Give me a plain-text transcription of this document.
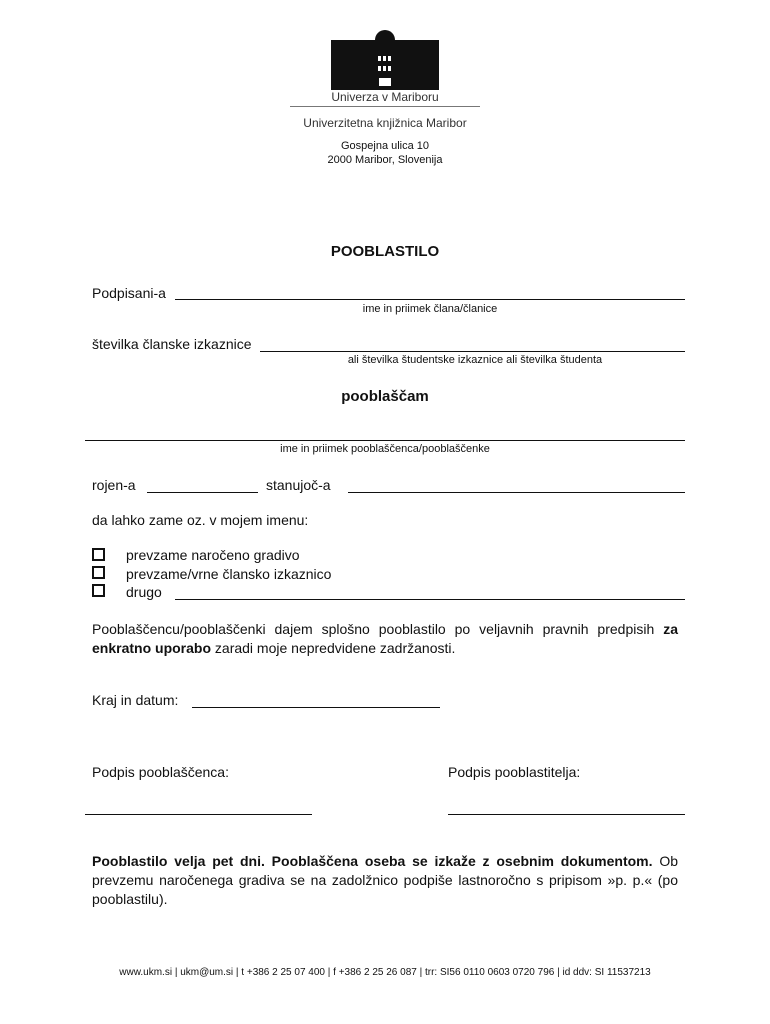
Univerza v Mariboru
Univerzitetna knjižnica Maribor
Gospejna ulica 10
2000 Maribor, Slovenija
POOBLASTILO
Podpisani-a
ime in priimek člana/članice
številka članske izkaznice
ali številka študentske izkaznice ali številka študenta
pooblaščam
ime in priimek pooblaščenca/pooblaščenke
rojen-a	stanujoč-a
da lahko zame oz. v mojem imenu:
prevzame naročeno gradivo
prevzame/vrne člansko izkaznico
drugo
Pooblaščencu/pooblaščenki dajem splošno pooblastilo po veljavnih pravnih predpisih za enkratno uporabo zaradi moje nepredvidene zadržanosti.
Kraj in datum:
Podpis pooblaščenca:	Podpis pooblastitelja:
Pooblastilo velja pet dni. Pooblaščena oseba se izkaže z osebnim dokumentom. Ob prevzemu naročenega gradiva se na zadolžnico podpiše lastnoročno s pripisom »p. p.« (po pooblastilu).
www.ukm.si | ukm@um.si | t +386 2 25 07 400 | f +386 2 25 26 087 | trr: SI56 0110 0603 0720 796 | id ddv: SI 11537213
